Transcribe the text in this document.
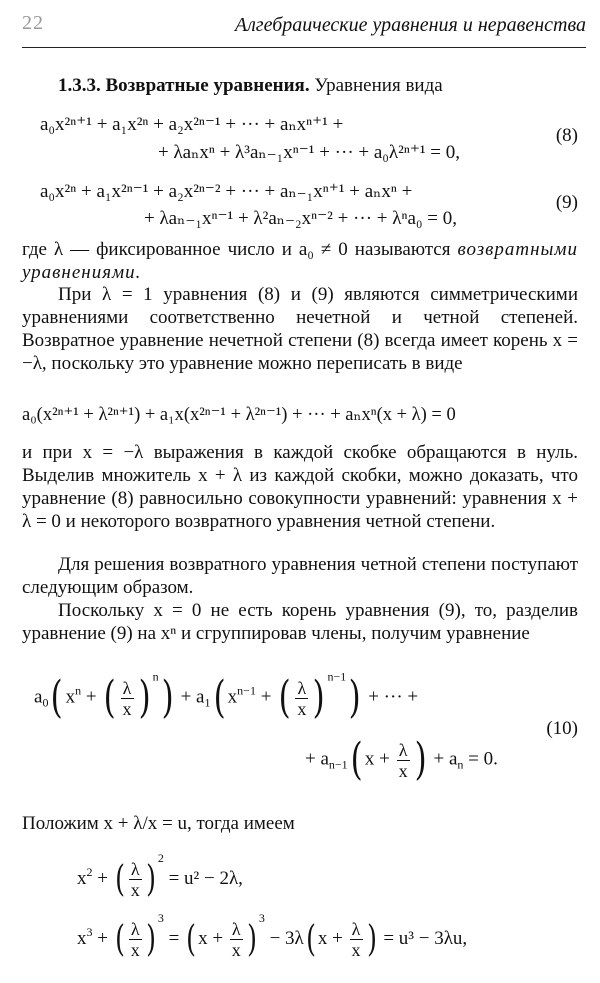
22	Алгебраические уравнения и неравенства
1.3.3. Возвратные уравнения. Уравнения вида
a₀x²ⁿ⁺¹ + a₁x²ⁿ + a₂x²ⁿ⁻¹ + ··· + aₙxⁿ⁺¹ +
+ λaₙxⁿ + λ³aₙ₋₁xⁿ⁻¹ + ··· + a₀λ²ⁿ⁺¹ = 0,
(8)
a₀x²ⁿ + a₁x²ⁿ⁻¹ + a₂x²ⁿ⁻² + ··· + aₙ₋₁xⁿ⁺¹ + aₙxⁿ +
+ λaₙ₋₁xⁿ⁻¹ + λ²aₙ₋₂xⁿ⁻² + ··· + λⁿa₀ = 0,
(9)
где λ — фиксированное число и a₀ ≠ 0 называются возвратными уравнениями.
При λ = 1 уравнения (8) и (9) являются симметрическими уравнениями соответственно нечетной и четной степеней. Возвратное уравнение нечетной степени (8) всегда имеет корень x = −λ, поскольку это уравнение можно переписать в виде
a₀(x²ⁿ⁺¹ + λ²ⁿ⁺¹) + a₁x(x²ⁿ⁻¹ + λ²ⁿ⁻¹) + ··· + aₙxⁿ(x + λ) = 0
и при x = −λ выражения в каждой скобке обращаются в нуль. Выделив множитель x + λ из каждой скобки, можно доказать, что уравнение (8) равносильно совокупности уравнений: уравнения x + λ = 0 и некоторого возвратного уравнения четной степени.
Для решения возвратного уравнения четной степени поступают следующим образом.
Поскольку x = 0 не есть корень уравнения (9), то, разделив уравнение (9) на xⁿ и сгруппировав члены, получим уравнение
$a_0$( $x^n$ + ( $\frac{\lambda}{x}$ ) $^n) + a_1$( $x^{n-1}$ + ( $\frac{\lambda}{x}$ ) $^{n-1}$) + ··· +
(10)
+ $a_{n-1}$( $x + \frac{\lambda}{x}$ ) + $a_n = 0$.
Положим x + λ/x = u, тогда имеем
$x^2$ + ( $\frac{\lambda}{x} )^2 = u^2 - 2\lambda$,
$x^3$ + ( $\frac{\lambda}{x} )^3$ = ( $x + \frac{\lambda}{x} )^3 - 3\lambda$( $x + \frac{\lambda}{x}$ ) = u³ − 3λu,
